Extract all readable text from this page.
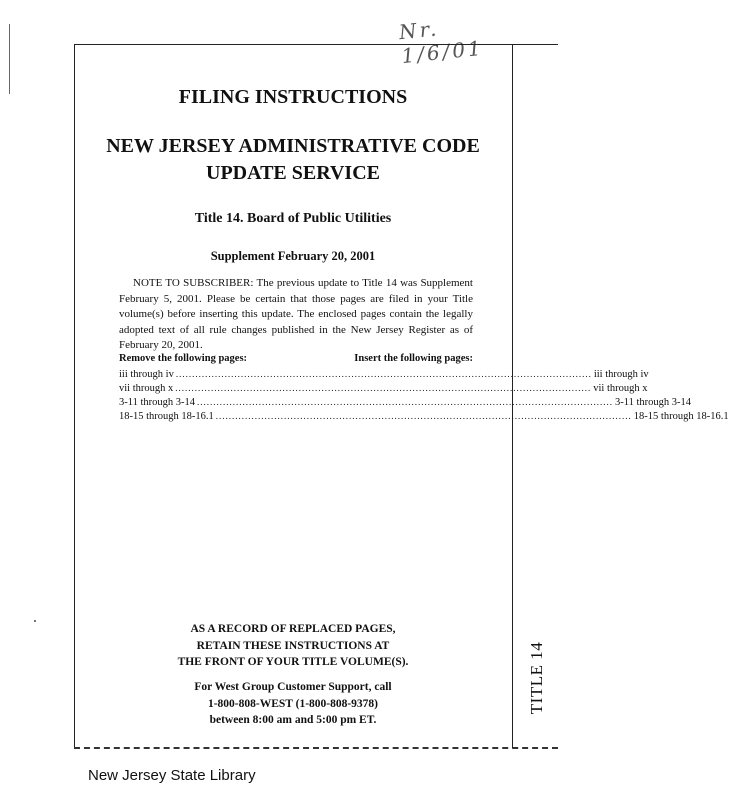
Nr. 1/6/01
FILING INSTRUCTIONS
NEW JERSEY ADMINISTRATIVE CODE
UPDATE SERVICE
Title 14. Board of Public Utilities
Supplement February 20, 2001
NOTE TO SUBSCRIBER: The previous update to Title 14 was Supplement February 5, 2001. Please be certain that those pages are filed in your Title volume(s) before inserting this update. The enclosed pages contain the legally adopted text of all rule changes published in the New Jersey Register as of February 20, 2001.
Remove the following pages:	Insert the following pages:
iii through iv ................................................................................................................................ iii through iv
vii through x ................................................................................................................................ vii through x
3-11 through 3-14 ................................................................................................................................ 3-11 through 3-14
18-15 through 18-16.1 ................................................................................................................................ 18-15 through 18-16.1
AS A RECORD OF REPLACED PAGES,
RETAIN THESE INSTRUCTIONS AT
THE FRONT OF YOUR TITLE VOLUME(S).
For West Group Customer Support, call
1-800-808-WEST (1-800-808-9378)
between 8:00 am and 5:00 pm ET.
TITLE 14
New Jersey State Library
